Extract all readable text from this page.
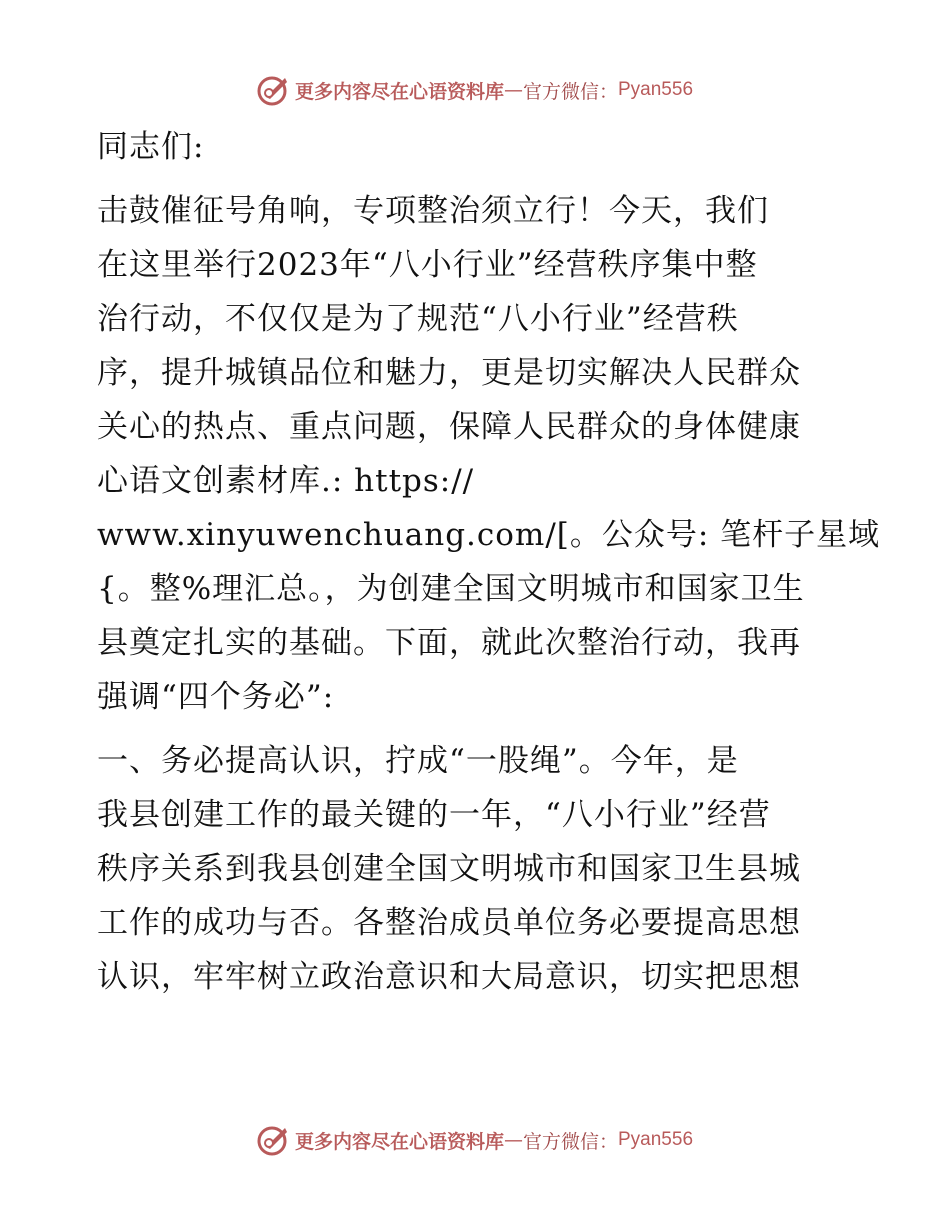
更多内容尽在心语资料库 — 官方微信： Pyan556
同志们:
击鼓催征号角响，专项整治须立行！今天，我们
在这里举行2023年“八小行业”经营秩序集中整
治行动，不仅仅是为了规范“八小行业”经营秩
序，提升城镇品位和魅力，更是切实解决人民群众
关心的热点、重点问题，保障人民群众的身体健康
心语文创素材库.: https://
www.xinyuwenchuang.com/[。公众号: 笔杆子星域
{。整%理汇总。，为创建全国文明城市和国家卫生
县奠定扎实的基础。下面，就此次整治行动，我再
强调“四个务必”:
一、务必提高认识，拧成“一股绳”。今年，是
我县创建工作的最关键的一年，“八小行业”经营
秩序关系到我县创建全国文明城市和国家卫生县城
工作的成功与否。各整治成员单位务必要提高思想
认识，牢牢树立政治意识和大局意识，切实把思想
更多内容尽在心语资料库 — 官方微信： Pyan556
